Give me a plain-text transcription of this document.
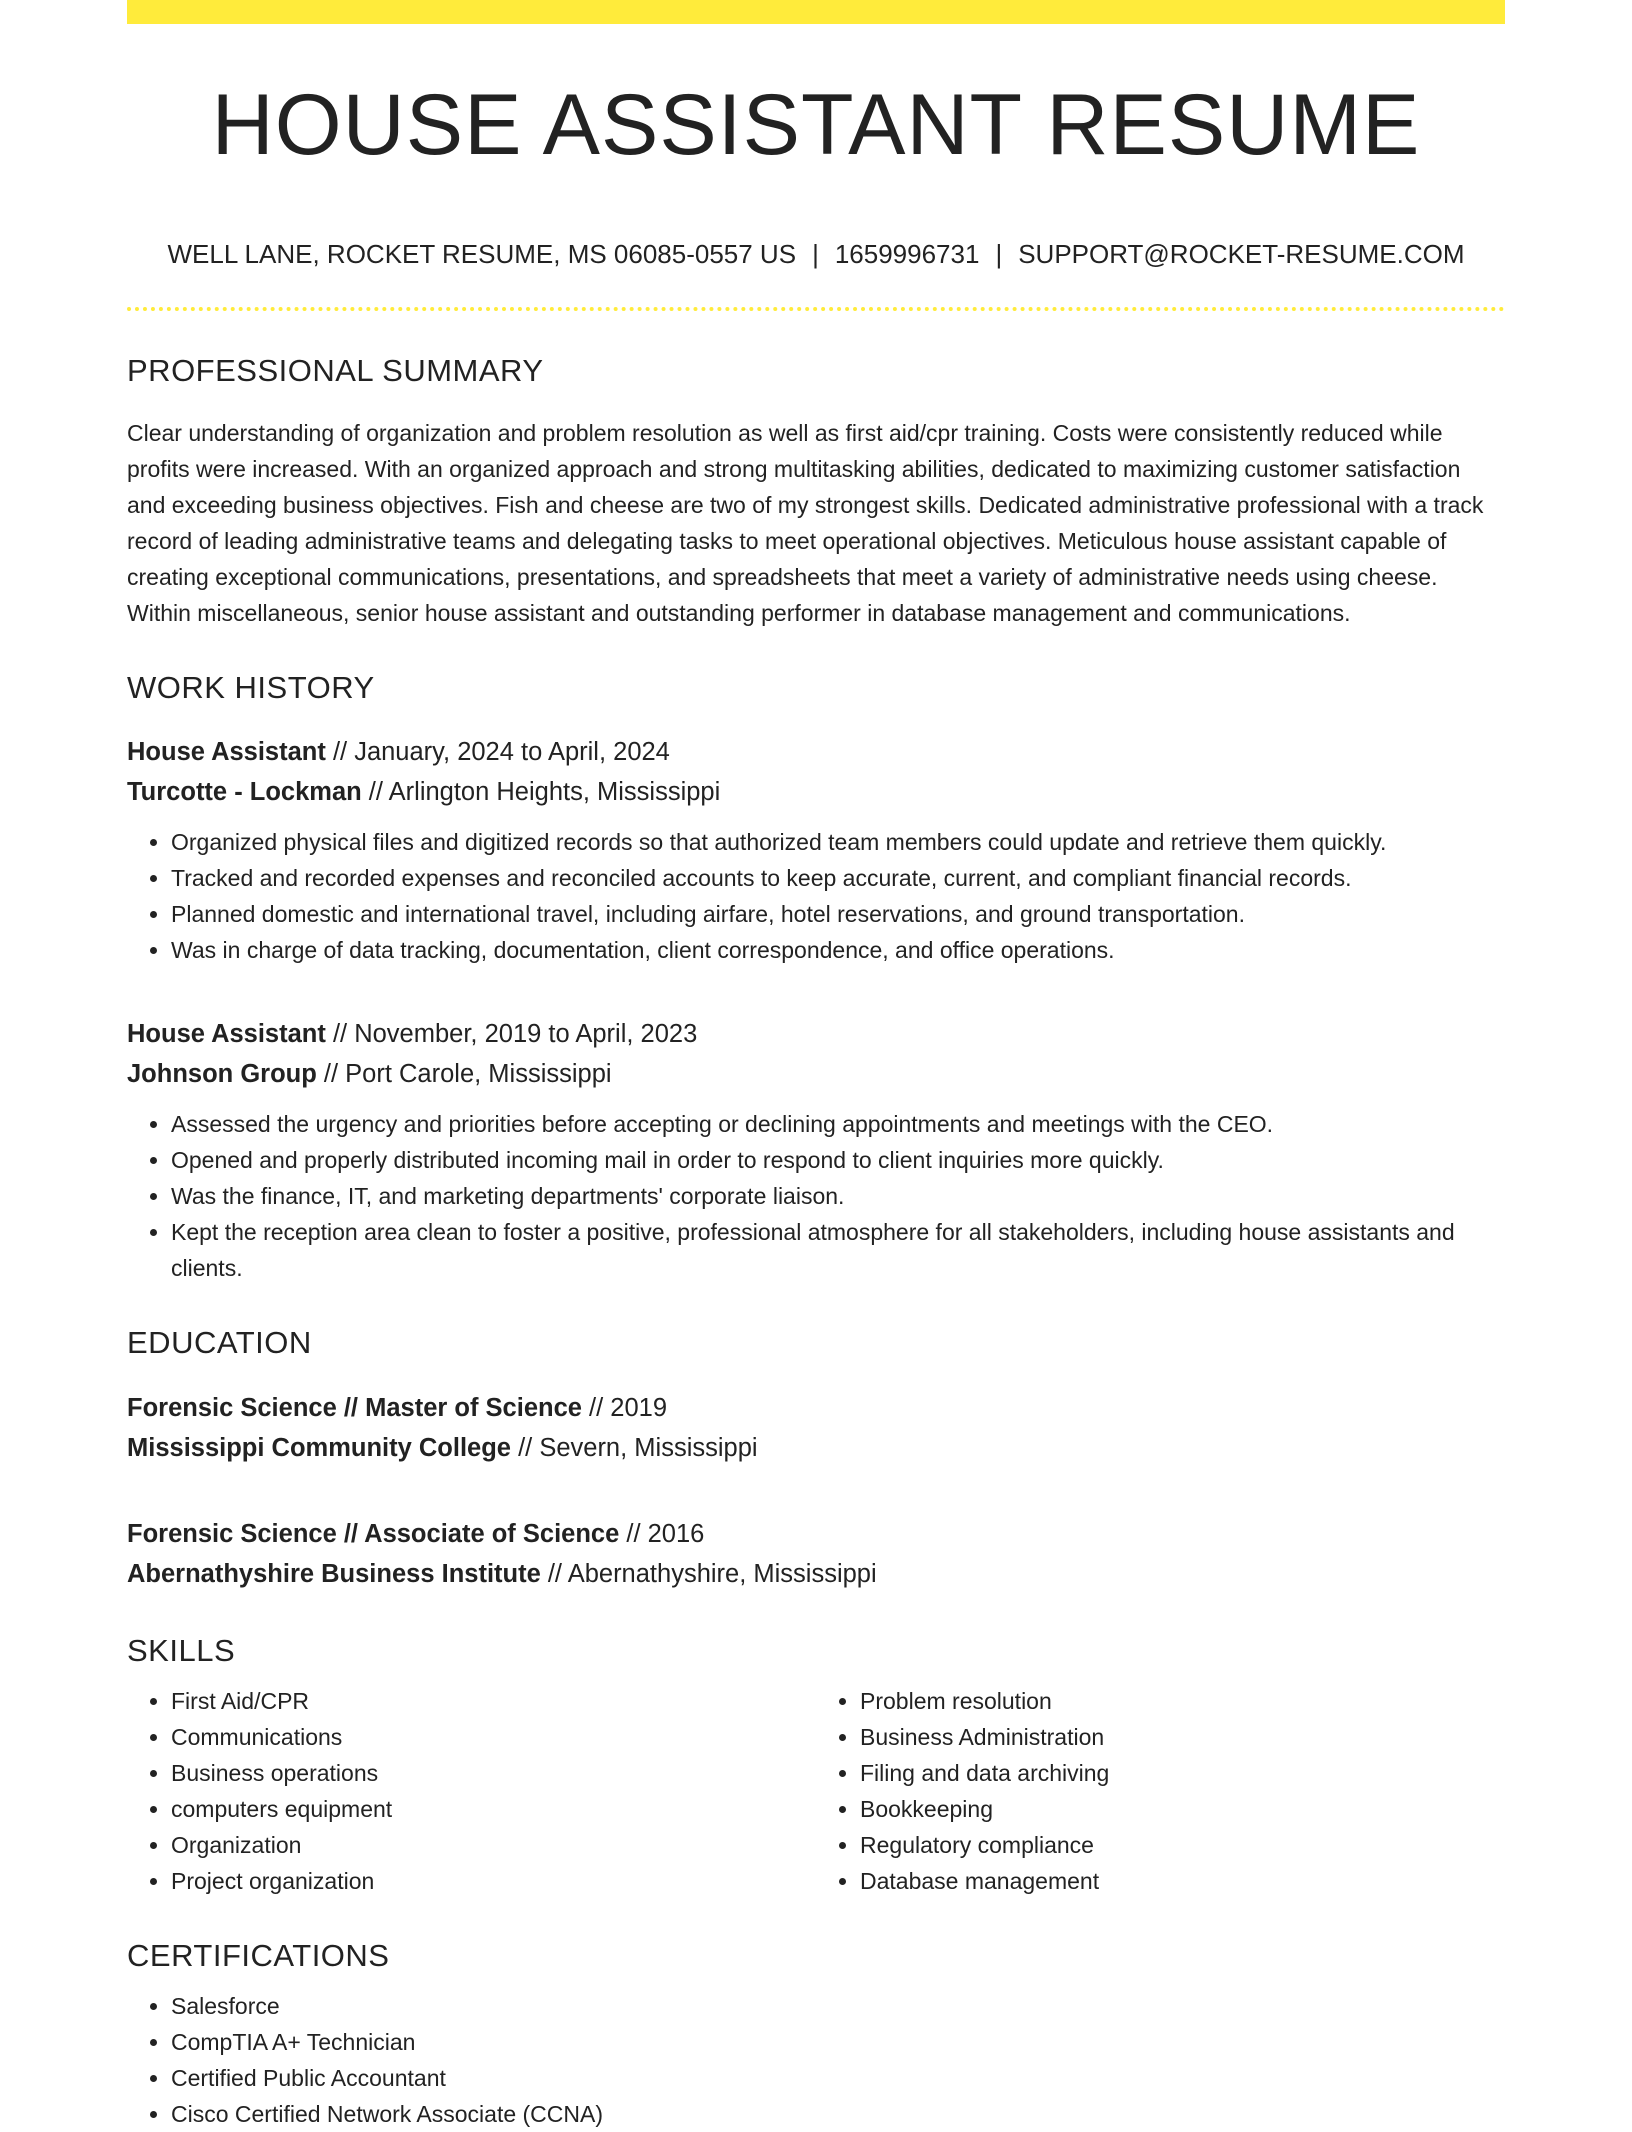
HOUSE ASSISTANT RESUME
WELL LANE, ROCKET RESUME, MS 06085-0557 US | 1659996731 | SUPPORT@ROCKET-RESUME.COM
PROFESSIONAL SUMMARY

Clear understanding of organization and problem resolution as well as first aid/cpr training. Costs were consistently reduced while profits were increased. With an organized approach and strong multitasking abilities, dedicated to maximizing customer satisfaction and exceeding business objectives. Fish and cheese are two of my strongest skills. Dedicated administrative professional with a track record of leading administrative teams and delegating tasks to meet operational objectives. Meticulous house assistant capable of creating exceptional communications, presentations, and spreadsheets that meet a variety of administrative needs using cheese. Within miscellaneous, senior house assistant and outstanding performer in database management and communications.

WORK HISTORY
House Assistant // January, 2024 to April, 2024
Turcotte - Lockman // Arlington Heights, Mississippi
• Organized physical files and digitized records so that authorized team members could update and retrieve them quickly.
• Tracked and recorded expenses and reconciled accounts to keep accurate, current, and compliant financial records.
• Planned domestic and international travel, including airfare, hotel reservations, and ground transportation.
• Was in charge of data tracking, documentation, client correspondence, and office operations.
House Assistant // November, 2019 to April, 2023
Johnson Group // Port Carole, Mississippi
• Assessed the urgency and priorities before accepting or declining appointments and meetings with the CEO.
• Opened and properly distributed incoming mail in order to respond to client inquiries more quickly.
• Was the finance, IT, and marketing departments' corporate liaison.
• Kept the reception area clean to foster a positive, professional atmosphere for all stakeholders, including house assistants and clients.
EDUCATION
Forensic Science // Master of Science // 2019
Mississippi Community College // Severn, Mississippi
Forensic Science // Associate of Science // 2016
Abernathyshire Business Institute // Abernathyshire, Mississippi
SKILLS
• First Aid/CPR
• Communications
• Business operations
• computers equipment
• Organization
• Project organization
• Problem resolution
• Business Administration
• Filing and data archiving
• Bookkeeping
• Regulatory compliance
• Database management
CERTIFICATIONS
• Salesforce
• CompTIA A+ Technician
• Certified Public Accountant
• Cisco Certified Network Associate (CCNA)
